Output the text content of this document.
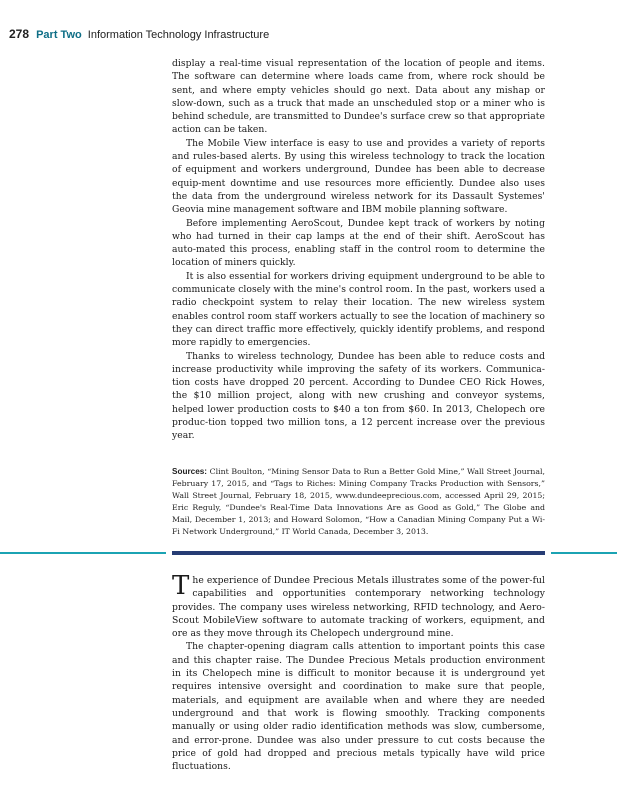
278 Part Two Information Technology Infrastructure

display a real-time visual representation of the location of people and items. The software can determine where loads came from, where rock should be sent, and where empty vehicles should go next. Data about any mishap or slow-down, such as a truck that made an unscheduled stop or a miner who is behind schedule, are transmitted to Dundee's surface crew so that appropriate action can be taken.

The Mobile View interface is easy to use and provides a variety of reports and rules-based alerts. By using this wireless technology to track the location of equipment and workers underground, Dundee has been able to decrease equip-ment downtime and use resources more efficiently. Dundee also uses the data from the underground wireless network for its Dassault Systemes' Geovia mine management software and IBM mobile planning software.

Before implementing AeroScout, Dundee kept track of workers by noting who had turned in their cap lamps at the end of their shift. AeroScout has auto-mated this process, enabling staff in the control room to determine the location of miners quickly.

It is also essential for workers driving equipment underground to be able to communicate closely with the mine's control room. In the past, workers used a radio checkpoint system to relay their location. The new wireless system enables control room staff workers actually to see the location of machinery so they can direct traffic more effectively, quickly identify problems, and respond more rapidly to emergencies.

Thanks to wireless technology, Dundee has been able to reduce costs and increase productivity while improving the safety of its workers. Communica-tion costs have dropped 20 percent. According to Dundee CEO Rick Howes, the $10 million project, along with new crushing and conveyor systems, helped lower production costs to $40 a ton from $60. In 2013, Chelopech ore produc-tion topped two million tons, a 12 percent increase over the previous year.

Sources: Clint Boulton, “Mining Sensor Data to Run a Better Gold Mine,” Wall Street Journal, February 17, 2015, and “Tags to Riches: Mining Company Tracks Production with Sensors,” Wall Street Journal, February 18, 2015, www.dundeeprecious.com, accessed April 29, 2015; Eric Reguly, “Dundee's Real-Time Data Innovations Are as Good as Gold,” The Globe and Mail, December 1, 2013; and Howard Solomon, “How a Canadian Mining Company Put a Wi-Fi Network Underground,” IT World Canada, December 3, 2013.

The experience of Dundee Precious Metals illustrates some of the power-ful capabilities and opportunities contemporary networking technology provides. The company uses wireless networking, RFID technology, and Aero-Scout MobileView software to automate tracking of workers, equipment, and ore as they move through its Chelopech underground mine.

The chapter-opening diagram calls attention to important points this case and this chapter raise. The Dundee Precious Metals production environment in its Chelopech mine is difficult to monitor because it is underground yet requires intensive oversight and coordination to make sure that people, materials, and equipment are available when and where they are needed underground and that work is flowing smoothly. Tracking components manually or using older radio identification methods was slow, cumbersome, and error-prone. Dundee was also under pressure to cut costs because the price of gold had dropped and precious metals typically have wild price fluctuations.
